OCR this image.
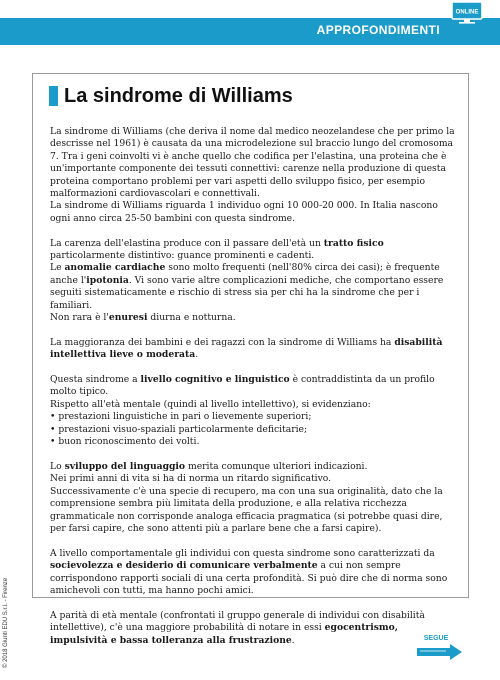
APPROFONDIMENTI
ONLINE
La sindrome di Williams
La sindrome di Williams (che deriva il nome dal medico neozelandese che per primo la descrisse nel 1961) è causata da una microdelezione sul braccio lungo del cromosoma 7. Tra i geni coinvolti vi è anche quello che codifica per l'elastina, una proteina che è un'importante componente dei tessuti connettivi: carenze nella produzione di questa proteina comportano problemi per vari aspetti dello sviluppo fisico, per esempio malformazioni cardiovascolari e connettivali.

La sindrome di Williams riguarda 1 individuo ogni 10 000-20 000. In Italia nascono ogni anno circa 25-50 bambini con questa sindrome.

La carenza dell'elastina produce con il passare dell'età un tratto fisico particolarmente distintivo: guance prominenti e cadenti.
Le anomalie cardiache sono molto frequenti (nell'80% circa dei casi); è frequente anche l'ipotonia. Vi sono varie altre complicazioni mediche, che comportano essere seguiti sistematicamente e rischio di stress sia per chi ha la sindrome che per i familiari.

Non rara è l'enuresi diurna e notturna.

La maggioranza dei bambini e dei ragazzi con la sindrome di Williams ha disabilità intellettiva lieve o moderata.

Questa sindrome a livello cognitivo e linguistico è contraddistinta da un profilo molto tipico.
Rispetto all'età mentale (quindi al livello intellettivo), si evidenziano:

• prestazioni linguistiche in pari o lievemente superiori;
• prestazioni visuo-spaziali particolarmente deficitarie;
• buon riconoscimento dei volti.

Lo sviluppo del linguaggio merita comunque ulteriori indicazioni.
Nei primi anni di vita si ha di norma un ritardo significativo.

Successivamente c'è una specie di recupero, ma con una sua originalità, dato che la comprensione sembra più limitata della produzione, e alla relativa ricchezza grammaticale non corrisponde analoga efficacia pragmatica (si potrebbe quasi dire, per farsi capire, che sono attenti più a parlare bene che a farsi capire).

A livello comportamentale gli individui con questa sindrome sono caratterizzati da socievolezza e desiderio di comunicare verbalmente a cui non sempre corrispondono rapporti sociali di una certa profondità. Si può dire che di norma sono amichevoli con tutti, ma hanno pochi amici.

A parità di età mentale (confrontati il gruppo generale di individui con disabilità intellettive), c'è una maggiore probabilità di notare in essi egocentrismo, impulsività e bassa tolleranza alla frustrazione.

© 2018 Giunti EDU S.r.l. - Firenze	SEGUE
